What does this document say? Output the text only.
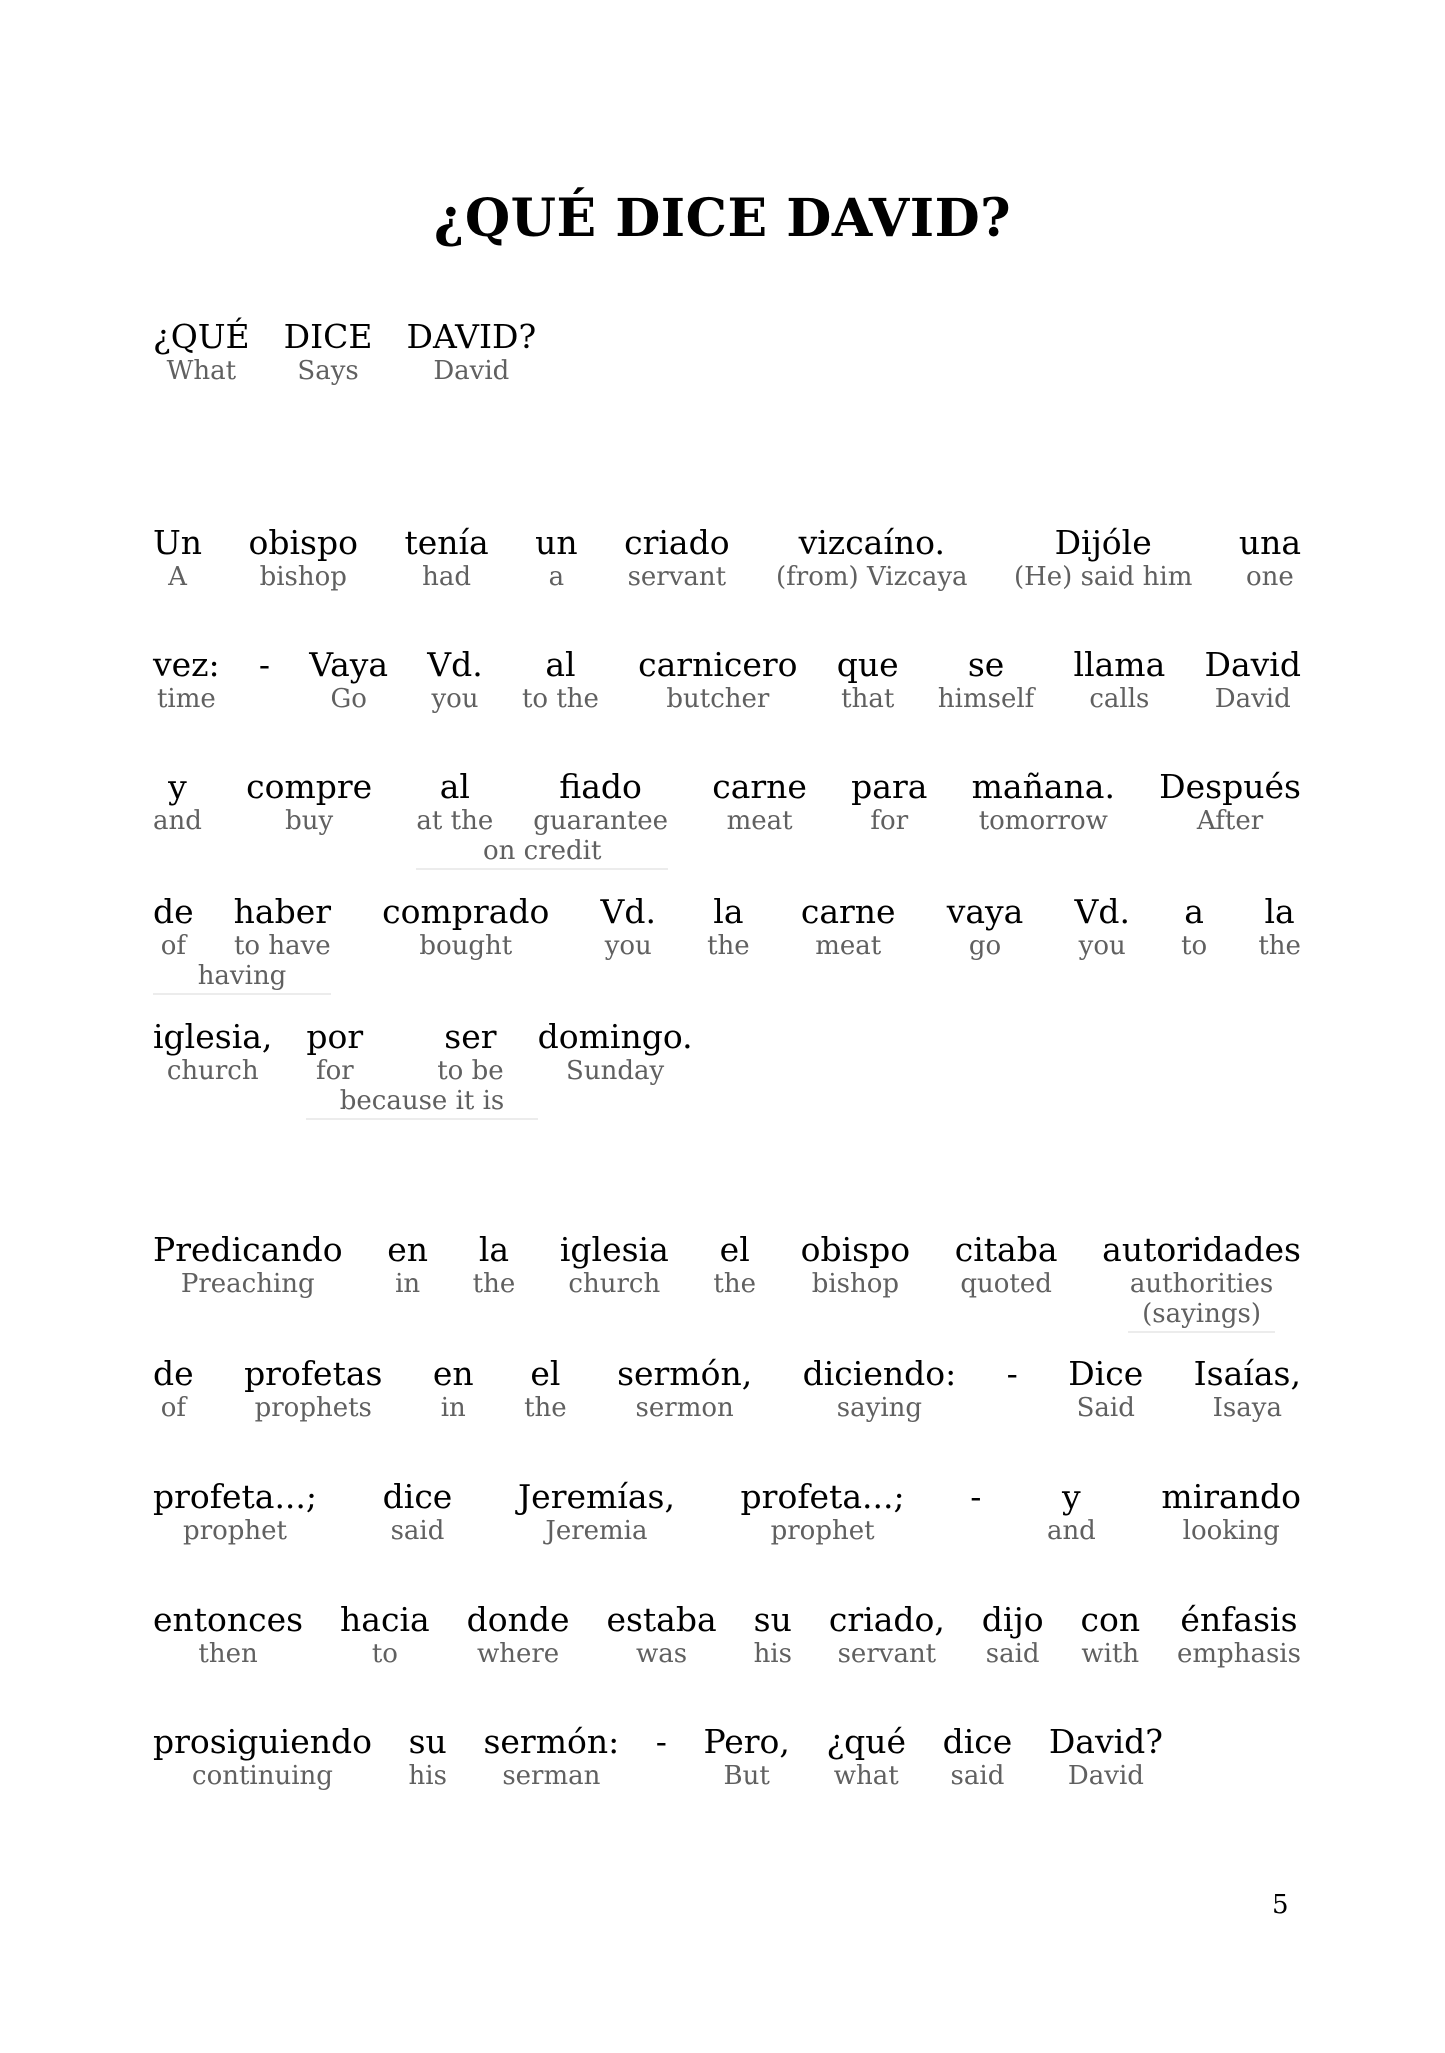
¿QUÉ DICE DAVID?
¿QUÉ
What
DICE
Says
DAVID?
David
Un
A
obispo
bishop
tenía
had
un
a
criado
servant
vizcaíno.
(from) Vizcaya
Dijóle
(He) said him
una
one
vez:
time
-
Vaya
Go
Vd.
you
al
to the
carnicero
butcher
que
that
se
himself
llama
calls
David
David
y
and
compre
buy
al
at the
fiado
guarantee
on credit
carne
meat
para
for
mañana.
tomorrow
Después
After
de
of
haber
to have
having
comprado
bought
Vd.
you
la
the
carne
meat
vaya
go
Vd.
you
a
to
la
the
iglesia,
church
por
for
ser
to be
because it is
domingo.
Sunday
Predicando
Preaching
en
in
la
the
iglesia
church
el
the
obispo
bishop
citaba
quoted
autoridades
authorities
(sayings)
de
of
profetas
prophets
en
in
el
the
sermón,
sermon
diciendo:
saying
-
Dice
Said
Isaías,
Isaya
profeta...;
prophet
dice
said
Jeremías,
Jeremia
profeta...;
prophet
-
y
and
mirando
looking
entonces
then
hacia
to
donde
where
estaba
was
su
his
criado,
servant
dijo
said
con
with
énfasis
emphasis
prosiguiendo
continuing
su
his
sermón:
serman
-
Pero,
But
¿qué
what
dice
said
David?
David
5
